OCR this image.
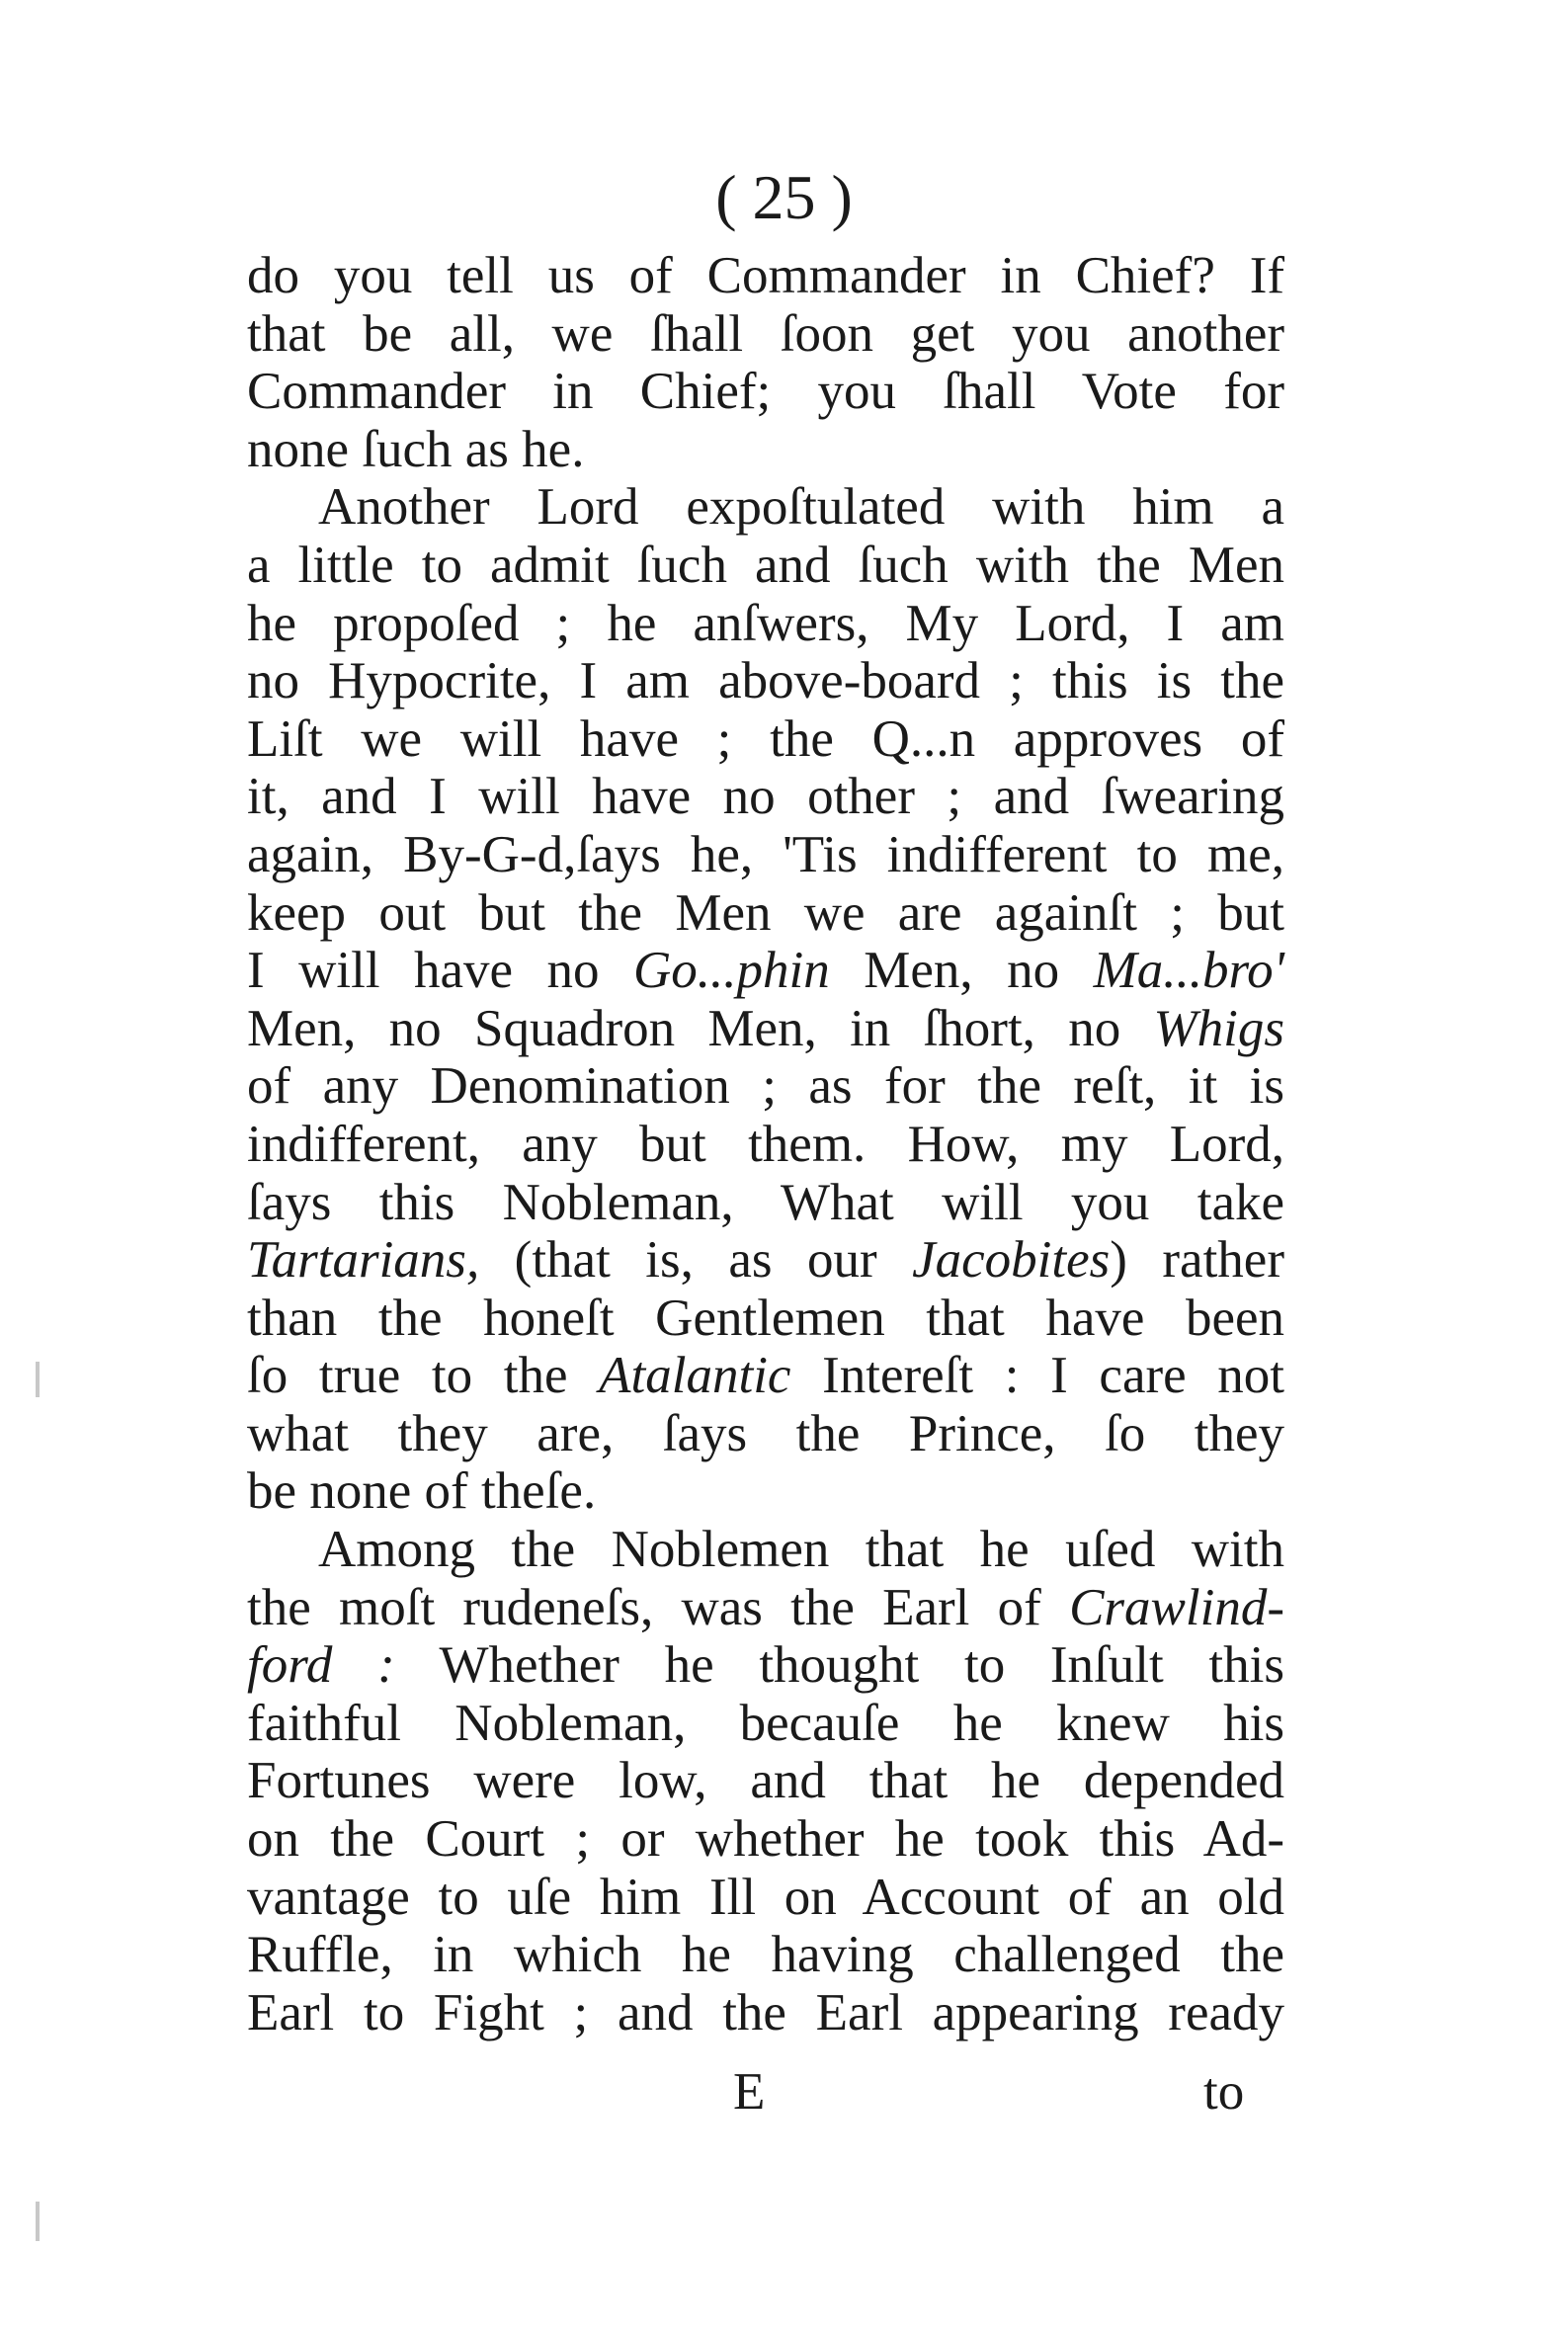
( 25 )
do you tell us of Commander in Chief? If
that be all, we ſhall ſoon get you another
Commander in Chief; you ſhall Vote for
none ſuch as he.
Another Lord expoſtulated with him a
a little to admit ſuch and ſuch with the Men
he propoſed ; he anſwers, My Lord, I am
no Hypocrite, I am above-board ; this is the
Liſt we will have ; the Q...n approves of
it, and I will have no other ; and ſwearing
again, By-G-d,ſays he, 'Tis indifferent to me,
keep out but the Men we are againſt ; but
I will have no Go...phin Men, no Ma...bro'
Men, no Squadron Men, in ſhort, no Whigs
of any Denomination ; as for the reſt, it is
indifferent, any but them. How, my Lord,
ſays this Nobleman, What will you take
Tartarians, (that is, as our Jacobites) rather
than the honeſt Gentlemen that have been
ſo true to the Atalantic Intereſt : I care not
what they are, ſays the Prince, ſo they
be none of theſe.
Among the Noblemen that he uſed with
the moſt rudeneſs, was the Earl of Crawlind-
ford : Whether he thought to Inſult this
faithful Nobleman, becauſe he knew his
Fortunes were low, and that he depended
on the Court ; or whether he took this Ad-
vantage to uſe him Ill on Account of an old
Ruffle, in which he having challenged the
Earl to Fight ; and the Earl appearing ready
E	to
